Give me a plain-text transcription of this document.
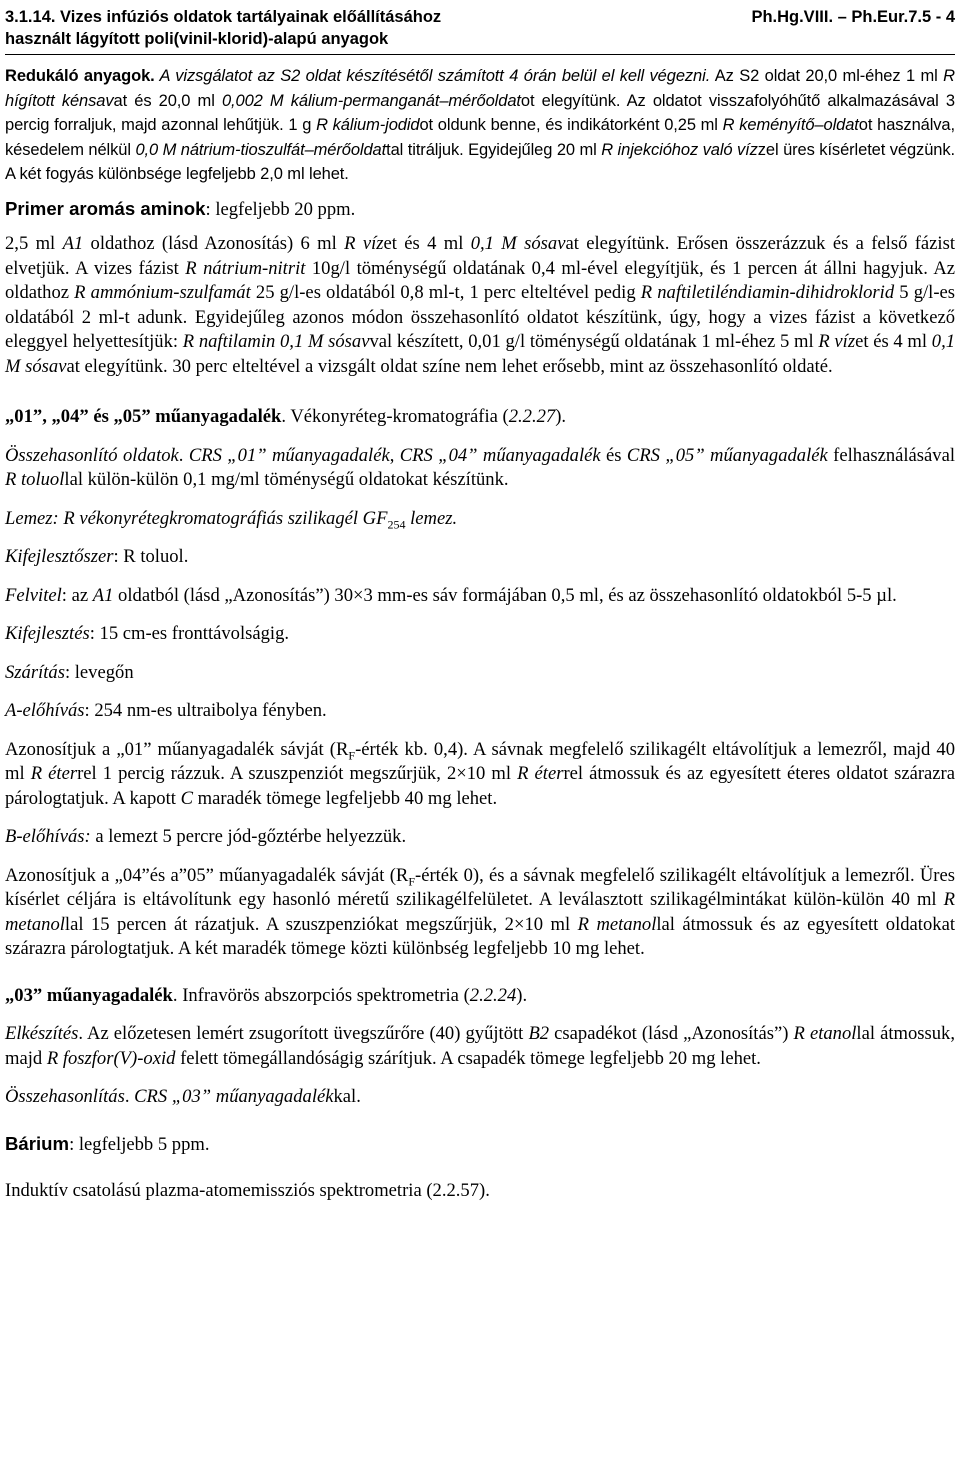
3.1.14. Vizes infúziós oldatok tartályainak előállításához
használt lágyított poli(vinil-klorid)-alapú anyagok
Ph.Hg.VIII. – Ph.Eur.7.5 - 4

Redukáló anyagok. A vizsgálatot az S2 oldat készítésétől számított 4 órán belül el kell végezni. Az S2 oldat 20,0 ml-éhez 1 ml R hígított kénsavat és 20,0 ml 0,002 M kálium-permanganát–mérőoldatot elegyítünk. Az oldatot visszafolyóhűtő alkalmazásával 3 percig forraljuk, majd azonnal lehűtjük. 1 g R kálium-jodidot oldunk benne, és indikátorként 0,25 ml R keményítő–oldatot használva, késedelem nélkül 0,0 M nátrium-tioszulfát–mérőoldattal titráljuk. Egyidejűleg 20 ml R injekcióhoz való vízzel üres kísérletet végzünk. A két fogyás különbsége legfeljebb 2,0 ml lehet.

Primer aromás aminok: legfeljebb 20 ppm.

2,5 ml A1 oldathoz (lásd Azonosítás) 6 ml R vízet és 4 ml 0,1 M sósavat elegyítünk. Erősen összerázzuk és a felső fázist elvetjük. A vizes fázist R nátrium-nitrit 10g/l töménységű oldatának 0,4 ml-ével elegyítjük, és 1 percen át állni hagyjuk. Az oldathoz R ammónium-szulfamát 25 g/l-es oldatából 0,8 ml-t, 1 perc elteltével pedig R naftiletiléndiamin-dihidroklorid 5 g/l-es oldatából 2 ml-t adunk. Egyidejűleg azonos módon összehasonlító oldatot készítünk, úgy, hogy a vizes fázist a következő eleggyel helyettesítjük: R naftilamin 0,1 M sósavval készített, 0,01 g/l töménységű oldatának 1 ml-éhez 5 ml R vízet és 4 ml 0,1 M sósavat elegyítünk. 30 perc elteltével a vizsgált oldat színe nem lehet erősebb, mint az összehasonlító oldaté.

„01”, „04” és „05” műanyagadalék. Vékonyréteg-kromatográfia (2.2.27).

Összehasonlító oldatok. CRS „01” műanyagadalék, CRS „04” műanyagadalék és CRS „05” műanyagadalék felhasználásával R toluollal külön-külön 0,1 mg/ml töménységű oldatokat készítünk.

Lemez: R vékonyrétegkromatográfiás szilikagél $GF_{254}$ lemez.

Kifejlesztőszer: R toluol.

Felvitel: az A1 oldatból (lásd „Azonosítás”) 30×3 mm-es sáv formájában 0,5 ml, és az összehasonlító oldatokból 5-5 µl.

Kifejlesztés: 15 cm-es fronttávolságig.

Szárítás: levegőn

A-előhívás: 254 nm-es ultraibolya fényben.

Azonosítjuk a „01” műanyagadalék sávját ($R_F$-érték kb. 0,4). A sávnak megfelelő szilikagélt eltávolítjuk a lemezről, majd 40 ml R éterrel 1 percig rázzuk. A szuszpenziót megszűrjük, 2×10 ml R éterrel átmossuk és az egyesített éteres oldatot szárazra párologtatjuk. A kapott C maradék tömege legfeljebb 40 mg lehet.

B-előhívás: a lemezt 5 percre jód-gőztérbe helyezzük.

Azonosítjuk a „04”és a”05” műanyagadalék sávját ($R_F$-érték 0), és a sávnak megfelelő szilikagélt eltávolítjuk a lemezről. Üres kísérlet céljára is eltávolítunk egy hasonló méretű szilikagélfelületet. A leválasztott szilikagélmintákat külön-külön 40 ml R metanollal 15 percen át rázatjuk. A szuszpenziókat megszűrjük, 2×10 ml R metanollal átmossuk és az egyesített oldatokat szárazra párologtatjuk. A két maradék tömege közti különbség legfeljebb 10 mg lehet.

„03” műanyagadalék. Infravörös abszorpciós spektrometria (2.2.24).

Elkészítés. Az előzetesen lemért zsugorított üvegszűrőre (40) gyűjtött B2 csapadékot (lásd „Azonosítás”) R etanollal átmossuk, majd R foszfor(V)-oxid felett tömegállandóságig szárítjuk. A csapadék tömege legfeljebb 20 mg lehet.

Összehasonlítás. CRS „03” műanyagadalékkal.

Bárium: legfeljebb 5 ppm.

Induktív csatolású plazma-atomemissziós spektrometria (2.2.57).
